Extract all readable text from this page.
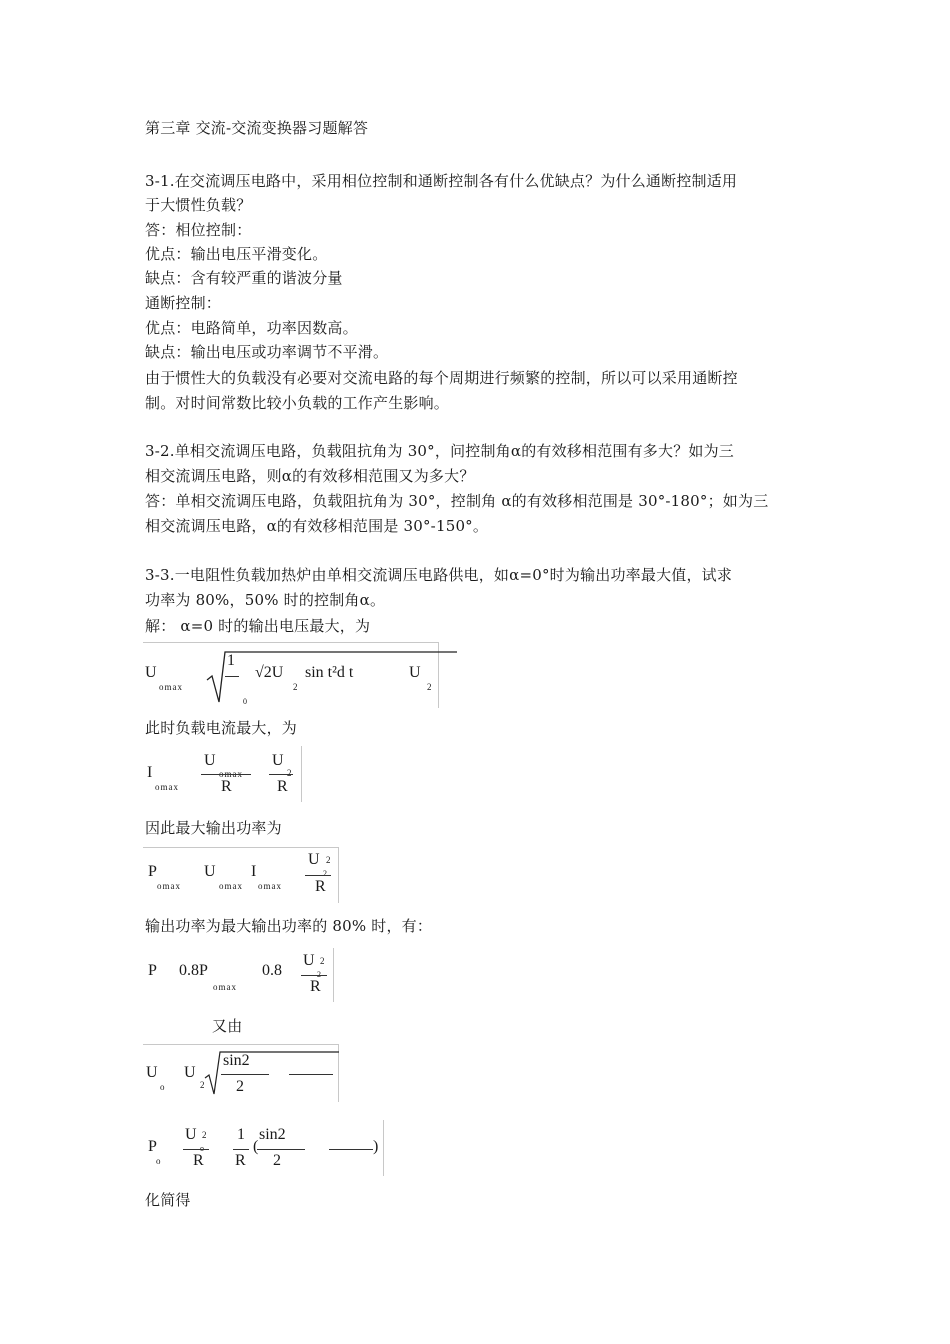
第三章 交流-交流变换器习题解答
3-1.在交流调压电路中，采用相位控制和通断控制各有什么优缺点？为什么通断控制适用
于大惯性负载？
答：相位控制：
优点：输出电压平滑变化。
缺点：含有较严重的谐波分量
通断控制：
优点：电路简单，功率因数高。
缺点：输出电压或功率调节不平滑。
由于惯性大的负载没有必要对交流电路的每个周期进行频繁的控制，所以可以采用通断控
制。对时间常数比较小负载的工作产生影响。
3-2.单相交流调压电路，负载阻抗角为 30°，问控制角α的有效移相范围有多大？如为三
相交流调压电路，则α的有效移相范围又为多大？
答：单相交流调压电路，负载阻抗角为 30°，控制角 α的有效移相范围是 30°-180°；如为三
相交流调压电路，α的有效移相范围是 30°-150°。
3-3.一电阻性负载加热炉由单相交流调压电路供电，如α=0°时为输出功率最大值，试求
功率为 80%，50% 时的控制角α。
解： α=0 时的输出电压最大，为
U
omax
1
0
√2U
2
sin t²d t	U
2
此时负载电流最大，为
I
omax
U
omax
R
U
2
R
因此最大输出功率为
P
omax
U
omax
I
omax
U 2
2
R
输出功率为最大输出功率的 80% 时，有：
P 0.8P
omax
0.8
U 2
2
R
又由
U
o
U
2
sin2
2
P
o
U 2
o
R
1
R
(
sin2
2
)
化简得
